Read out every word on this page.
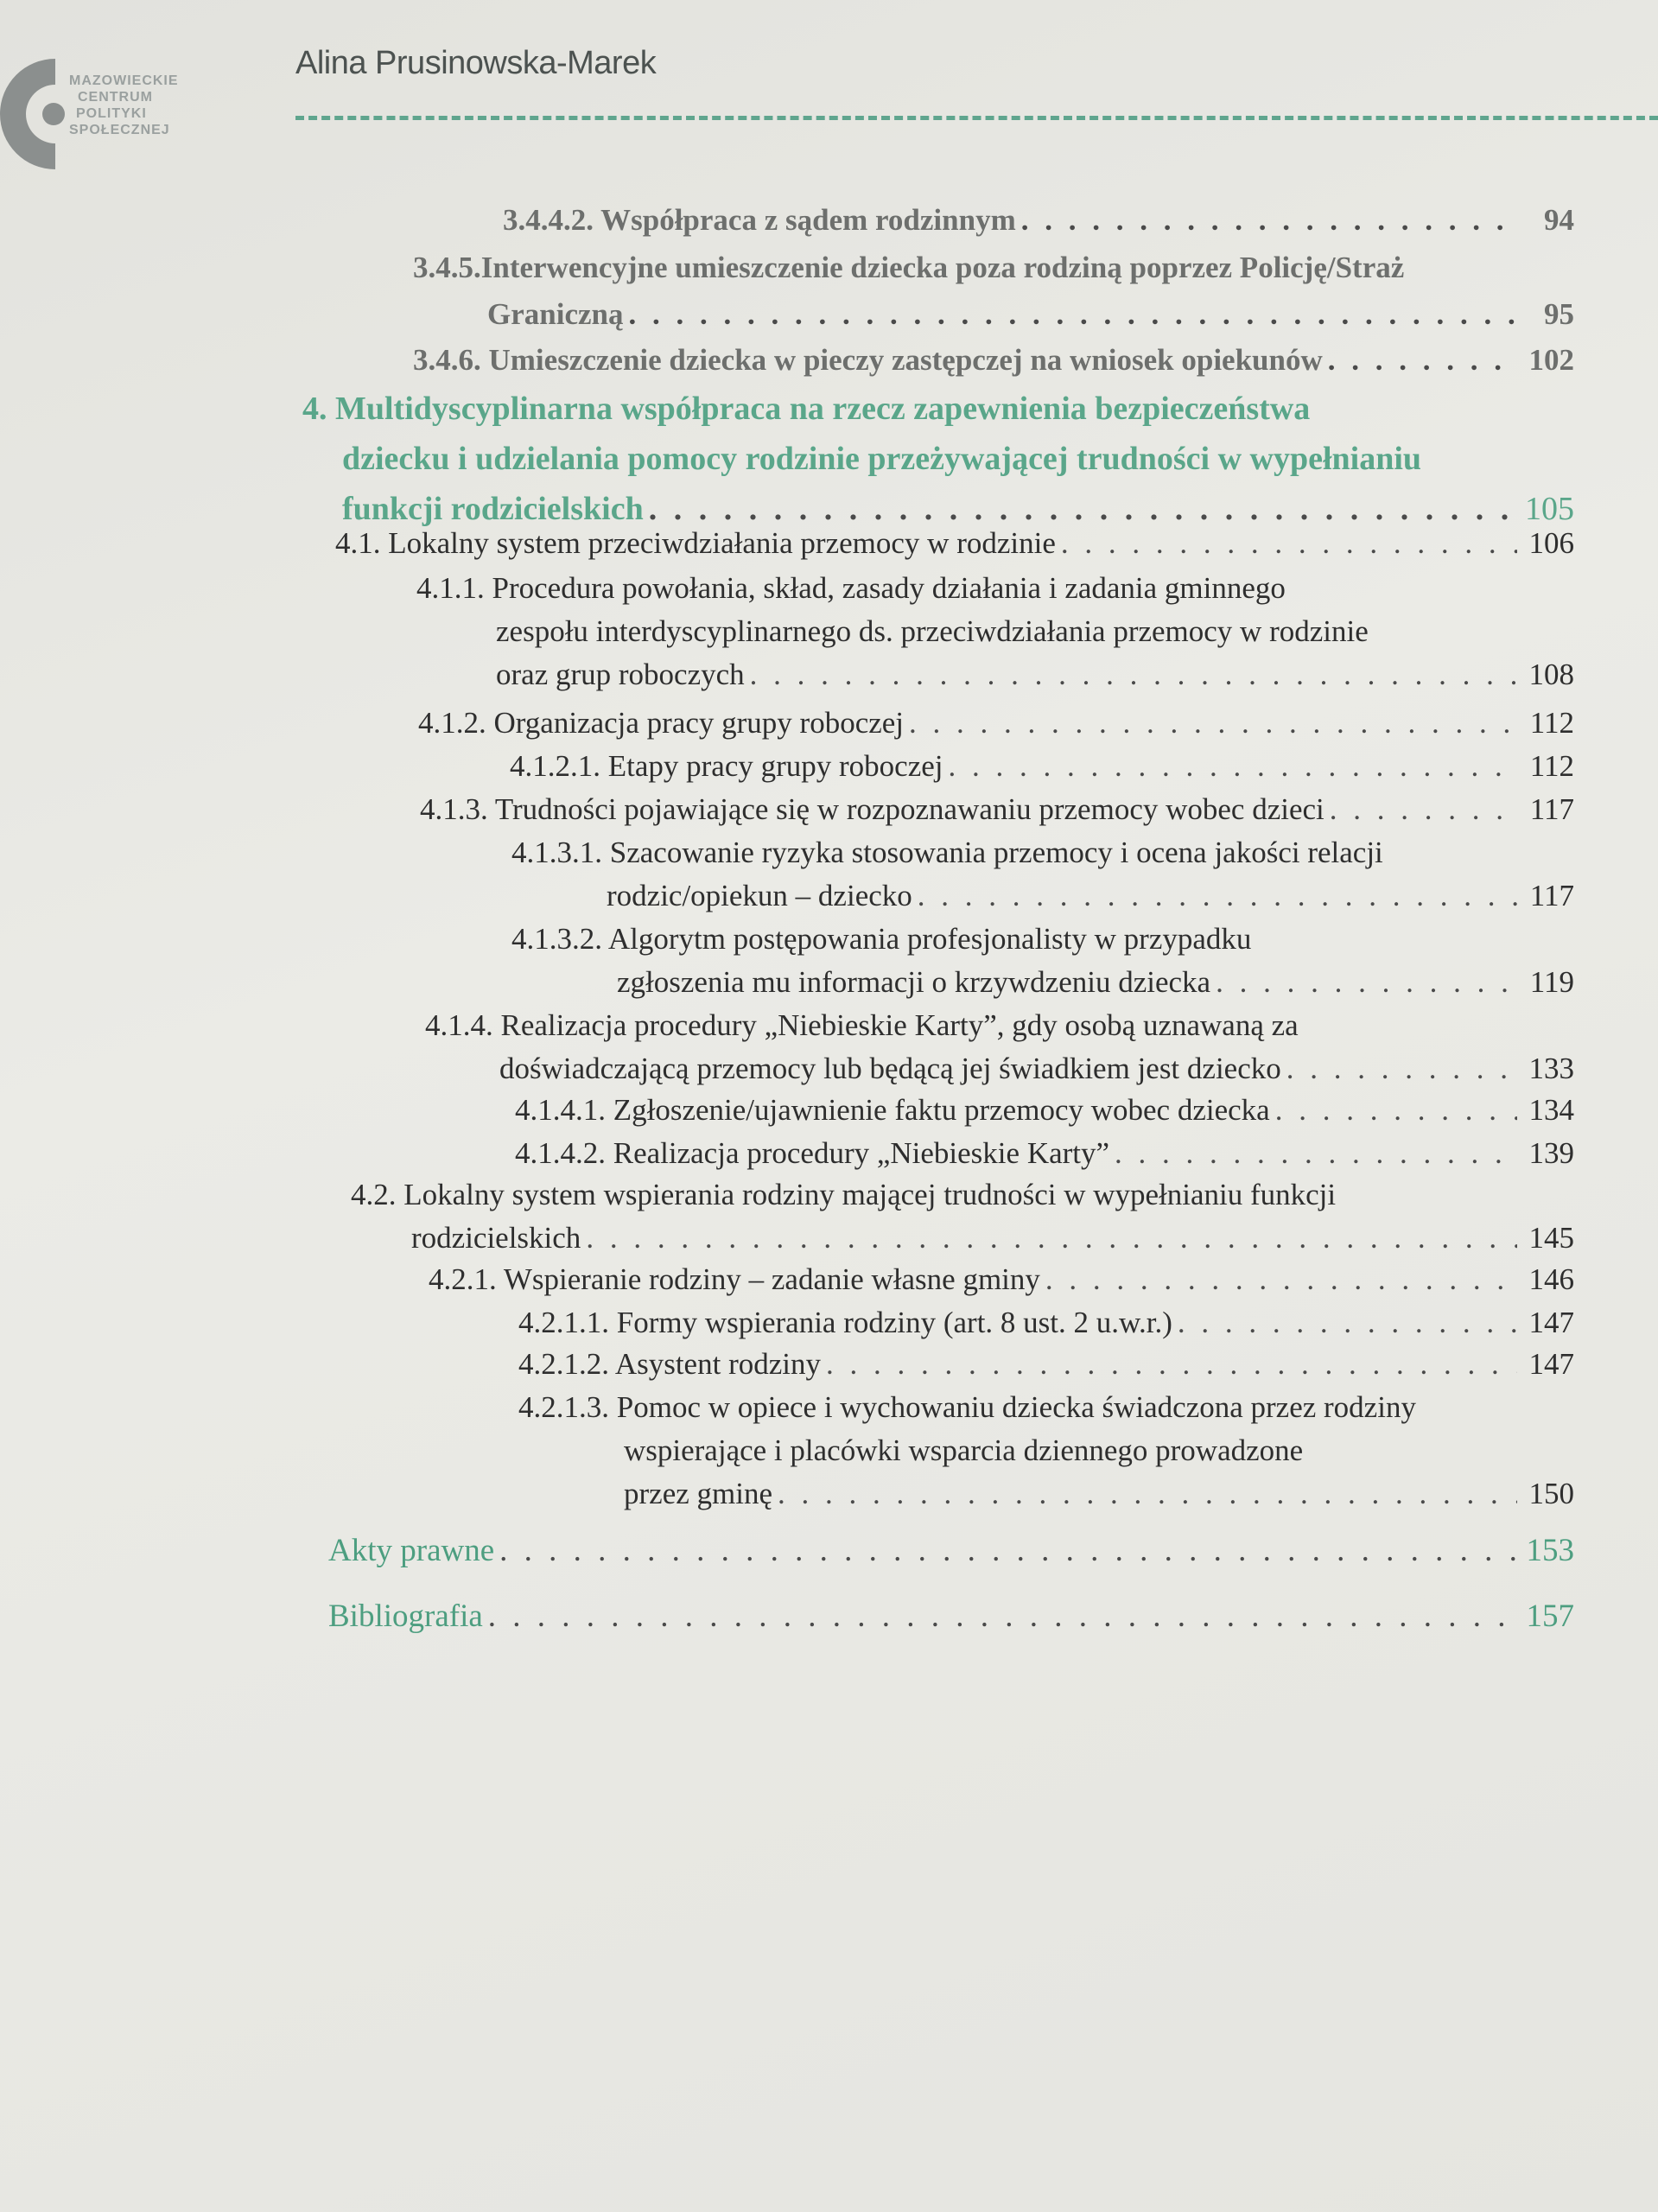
MAZOWIECKIE
CENTRUM
POLITYKI
SPOŁECZNEJ
Alina Prusinowska-Marek
3.4.4.2. Współpraca z sądem rodzinnym . . .	94
3.4.5.Interwencyjne umieszczenie dziecka poza rodziną poprzez Policję/Straż
Graniczną . . .	95
3.4.6. Umieszczenie dziecka w pieczy zastępczej na wniosek opiekunów . . .	102
4. Multidyscyplinarna współpraca na rzecz zapewnienia bezpieczeństwa
dziecku i udzielania pomocy rodzinie przeżywającej trudności w wypełnianiu
funkcji rodzicielskich . . .	105
4.1. Lokalny system przeciwdziałania przemocy w rodzinie . . .	106
4.1.1. Procedura powołania, skład, zasady działania i zadania gminnego
zespołu interdyscyplinarnego ds. przeciwdziałania przemocy w rodzinie
oraz grup roboczych . . .	108
4.1.2. Organizacja pracy grupy roboczej . . .	112
4.1.2.1. Etapy pracy grupy roboczej . . .	112
4.1.3. Trudności pojawiające się w rozpoznawaniu przemocy wobec dzieci . . .	117
4.1.3.1. Szacowanie ryzyka stosowania przemocy i ocena jakości relacji
rodzic/opiekun – dziecko . . .	117
4.1.3.2. Algorytm postępowania profesjonalisty w przypadku
zgłoszenia mu informacji o krzywdzeniu dziecka . . .	119
4.1.4. Realizacja procedury „Niebieskie Karty”, gdy osobą uznawaną za
doświadczającą przemocy lub będącą jej świadkiem jest dziecko . . .	133
4.1.4.1. Zgłoszenie/ujawnienie faktu przemocy wobec dziecka . . .	134
4.1.4.2. Realizacja procedury „Niebieskie Karty” . . .	139
4.2. Lokalny system wspierania rodziny mającej trudności w wypełnianiu funkcji
rodzicielskich . . .	145
4.2.1. Wspieranie rodziny – zadanie własne gminy . . .	146
4.2.1.1. Formy wspierania rodziny (art. 8 ust. 2 u.w.r.) . . .	147
4.2.1.2. Asystent rodziny . . .	147
4.2.1.3. Pomoc w opiece i wychowaniu dziecka świadczona przez rodziny
wspierające i placówki wsparcia dziennego prowadzone
przez gminę . . .	150
Akty prawne . . .	153
Bibliografia . . .	157
